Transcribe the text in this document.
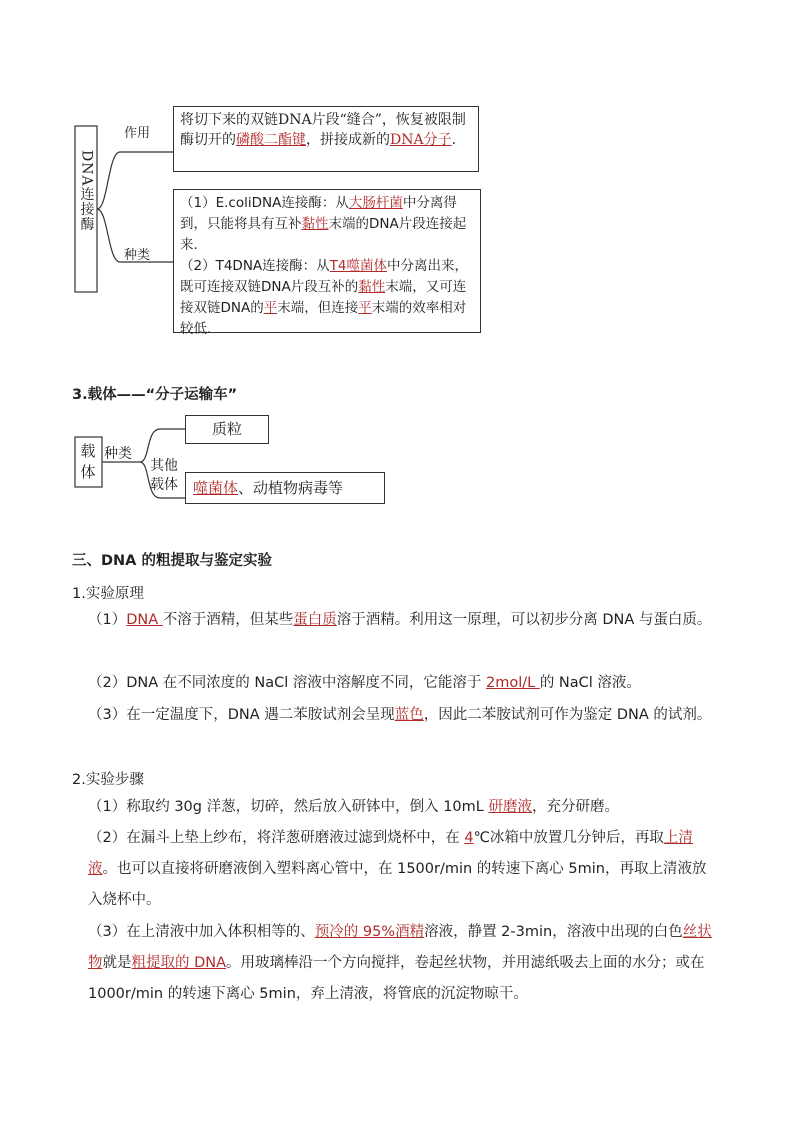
DNA连接酶
作用
种类
将切下来的双链DNA片段“缝合”，恢复被限制酶切开的磷酸二酯键，拼接成新的DNA分子.
（1）E.coliDNA连接酶：从大肠杆菌中分离得到，只能将具有互补黏性末端的DNA片段连接起来.
（2）T4DNA连接酶：从T4噬菌体中分离出来，既可连接双链DNA片段互补的黏性末端，又可连接双链DNA的平末端，但连接平末端的效率相对较低.
3.载体——“分子运输车”
载体
种类
质粒
其他载体	噬菌体、动植物病毒等
三、DNA 的粗提取与鉴定实验
1.实验原理
（1）DNA 不溶于酒精，但某些蛋白质溶于酒精。利用这一原理，可以初步分离 DNA 与蛋白质。
（2）DNA 在不同浓度的 NaCl 溶液中溶解度不同，它能溶于 2mol/L 的 NaCl 溶液。
（3）在一定温度下，DNA 遇二苯胺试剂会呈现蓝色，因此二苯胺试剂可作为鉴定 DNA 的试剂。
2.实验步骤
（1）称取约 30g 洋葱，切碎，然后放入研钵中，倒入 10mL 研磨液，充分研磨。
（2）在漏斗上垫上纱布，将洋葱研磨液过滤到烧杯中，在 4℃冰箱中放置几分钟后，再取上清液。也可以直接将研磨液倒入塑料离心管中，在 1500r/min 的转速下离心 5min，再取上清液放入烧杯中。
（3）在上清液中加入体积相等的、预冷的 95%酒精溶液，静置 2-3min，溶液中出现的白色丝状物就是粗提取的 DNA。用玻璃棒沿一个方向搅拌，卷起丝状物，并用滤纸吸去上面的水分；或在 1000r/min 的转速下离心 5min，弃上清液，将管底的沉淀物晾干。
